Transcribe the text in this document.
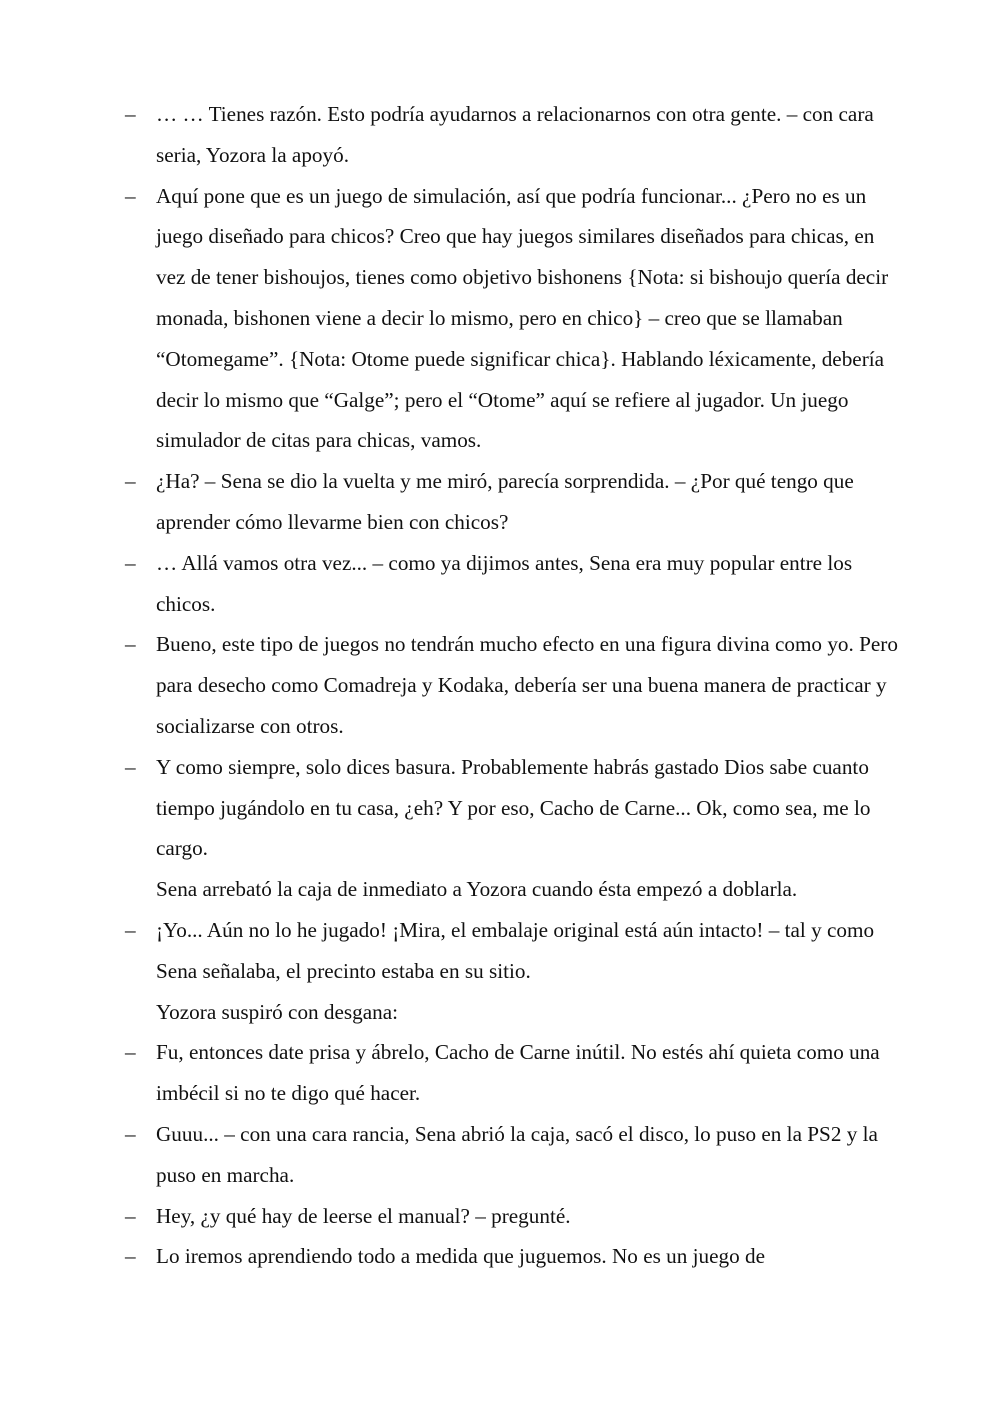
– … … Tienes razón. Esto podría ayudarnos a relacionarnos con otra gente. – con cara seria, Yozora la apoyó.

– Aquí pone que es un juego de simulación, así que podría funcionar... ¿Pero no es un juego diseñado para chicos? Creo que hay juegos similares diseñados para chicas, en vez de tener bishoujos, tienes como objetivo bishonens {Nota: si bishoujo quería decir monada, bishonen viene a decir lo mismo, pero en chico} – creo que se llamaban “Otomegame”. {Nota: Otome puede significar chica}. Hablando léxicamente, debería decir lo mismo que “Galge”; pero el “Otome” aquí se refiere al jugador. Un juego simulador de citas para chicas, vamos.

– ¿Ha? – Sena se dio la vuelta y me miró, parecía sorprendida. – ¿Por qué tengo que aprender cómo llevarme bien con chicos?

– … Allá vamos otra vez... – como ya dijimos antes, Sena era muy popular entre los chicos.

– Bueno, este tipo de juegos no tendrán mucho efecto en una figura divina como yo. Pero para desecho como Comadreja y Kodaka, debería ser una buena manera de practicar y socializarse con otros.

– Y como siempre, solo dices basura. Probablemente habrás gastado Dios sabe cuanto tiempo jugándolo en tu casa, ¿eh? Y por eso, Cacho de Carne... Ok, como sea, me lo cargo.

Sena arrebató la caja de inmediato a Yozora cuando ésta empezó a doblarla.

– ¡Yo... Aún no lo he jugado! ¡Mira, el embalaje original está aún intacto! – tal y como Sena señalaba, el precinto estaba en su sitio.

Yozora suspiró con desgana:

– Fu, entonces date prisa y ábrelo, Cacho de Carne inútil. No estés ahí quieta como una imbécil si no te digo qué hacer.

– Guuu... – con una cara rancia, Sena abrió la caja, sacó el disco, lo puso en la PS2 y la puso en marcha.

– Hey, ¿y qué hay de leerse el manual? – pregunté.

– Lo iremos aprendiendo todo a medida que juguemos. No es un juego de
